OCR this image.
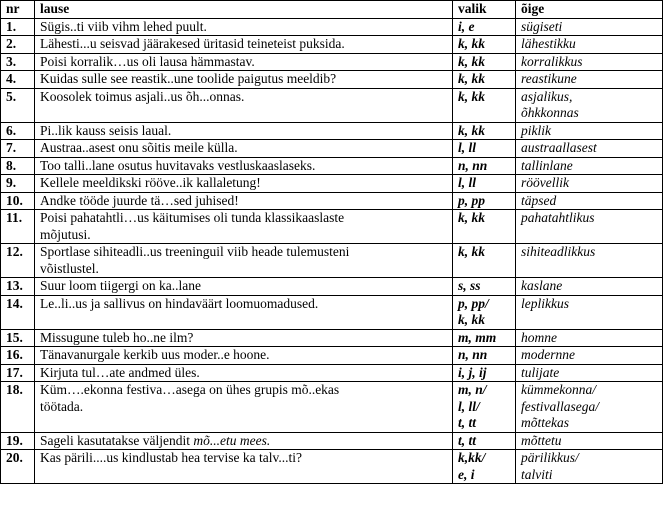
nr	lause	valik	õige
1.	Sügis..ti viib vihm lehed puult.	i, e	sügiseti
2.	Lähesti...u seisvad jäärakesed üritasid teineteist puksida.	k, kk	lähestikku
3.	Poisi korralik…us oli lausa hämmastav.	k, kk	korralikkus
4.	Kuidas sulle see reastik..une toolide paigutus meeldib?	k, kk	reastikune
5.	Koosolek toimus asjali..us õh...onnas.	k, kk	asjalikus,
õhkkonnas
6.	Pi..lik kauss seisis laual.	k, kk	piklik
7.	Austraa..asest onu sõitis meile külla.	l, ll	austraallasest
8.	Too talli..lane osutus huvitavaks vestluskaaslaseks.	n, nn	tallinlane
9.	Kellele meeldikski rööve..ik kallaletung!	l, ll	röövellik
10.	Andke tööde juurde tä…sed juhised!	p, pp	täpsed
11.	Poisi pahatahtli…us käitumises oli tunda klassikaaslaste
mõjutusi.	k, kk	pahatahtlikus
12.	Sportlase sihiteadli..us treeninguil viib heade tulemusteni
võistlustel.	k, kk	sihiteadlikkus
13.	Suur loom tiigergi on ka..lane	s, ss	kaslane
14.	Le..li..us ja sallivus on hindaväärt loomuomadused.	p, pp/
k, kk	leplikkus
15.	Missugune tuleb ho..ne ilm?	m, mm	homne
16.	Tänavanurgale kerkib uus moder..e hoone.	n, nn	modernne
17.	Kirjuta tul…ate andmed üles.	i, j, ij	tulijate
18.	Küm….ekonna festiva…asega on ühes grupis mõ..ekas
töötada.	m, n/
l, ll/
t, tt	kümmekonna/
festivallasega/
mõttekas
19.	Sageli kasutatakse väljendit mõ...etu mees.	t, tt	mõttetu
20.	Kas pärili....us kindlustab hea tervise ka talv...ti?	k,kk/
e, i	pärilikkus/
talviti
